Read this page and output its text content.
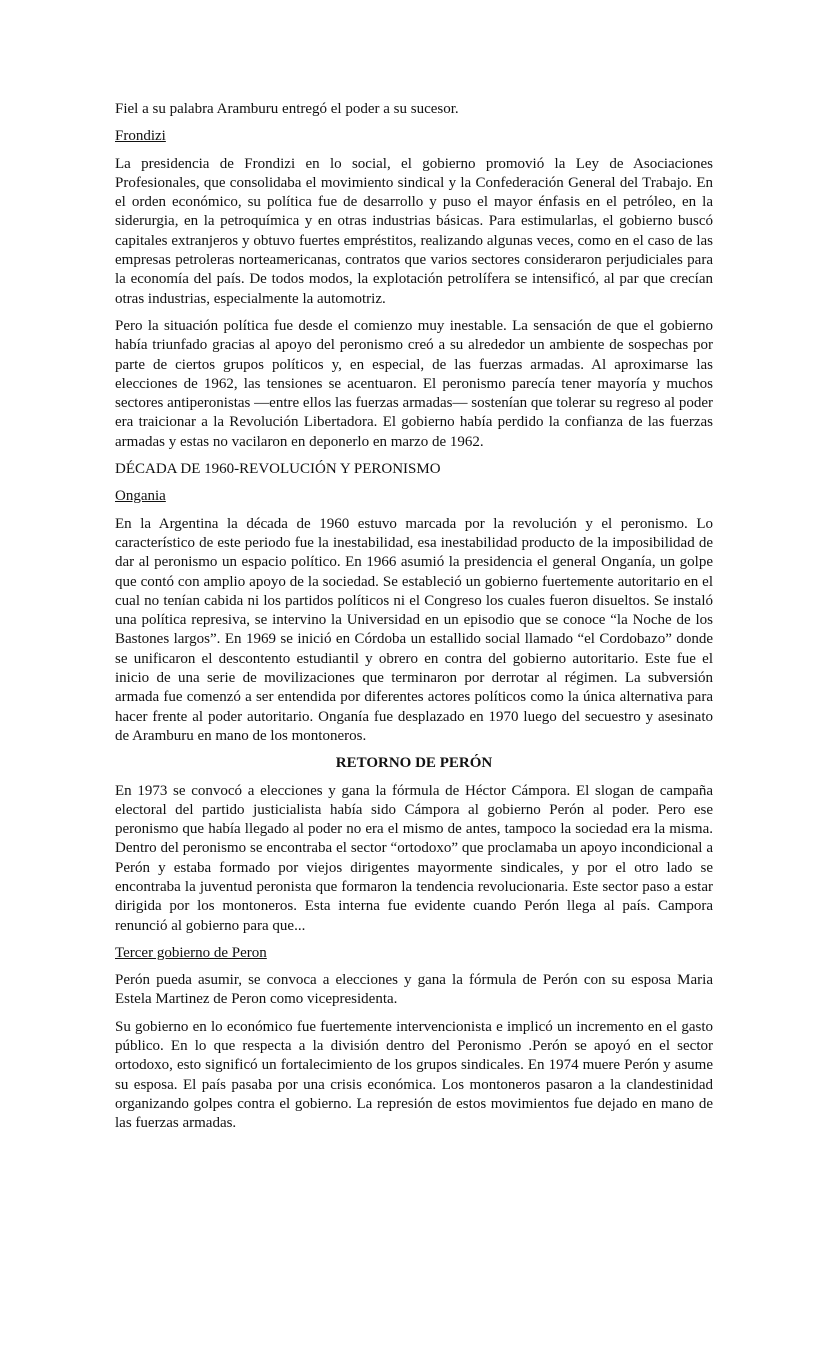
Fiel a su palabra Aramburu entregó el poder a su sucesor.

Frondizi

La presidencia de Frondizi en lo social, el gobierno promovió la Ley de Asociaciones Profesionales, que consolidaba el movimiento sindical y la Confederación General del Trabajo. En el orden económico, su política fue de desarrollo y puso el mayor énfasis en el petróleo, en la siderurgia, en la petroquímica y en otras industrias básicas. Para estimularlas, el gobierno buscó capitales extranjeros y obtuvo fuertes empréstitos, realizando algunas veces, como en el caso de las empresas petroleras norteamericanas, contratos que varios sectores consideraron perjudiciales para la economía del país. De todos modos, la explotación petrolífera se intensificó, al par que crecían otras industrias, especialmente la automotriz.

Pero la situación política fue desde el comienzo muy inestable. La sensación de que el gobierno había triunfado gracias al apoyo del peronismo creó a su alrededor un ambiente de sospechas por parte de ciertos grupos políticos y, en especial, de las fuerzas armadas. Al aproximarse las elecciones de 1962, las tensiones se acentuaron. El peronismo parecía tener mayoría y muchos sectores antiperonistas —entre ellos las fuerzas armadas— sostenían que tolerar su regreso al poder era traicionar a la Revolución Libertadora. El gobierno había perdido la confianza de las fuerzas armadas y estas no vacilaron en deponerlo en marzo de 1962.

DÉCADA DE 1960-REVOLUCIÓN Y PERONISMO

Ongania

En la Argentina la década de 1960 estuvo marcada por la revolución y el peronismo. Lo característico de este periodo fue la inestabilidad, esa inestabilidad producto de la imposibilidad de dar al peronismo un espacio político. En 1966 asumió la presidencia el general Onganía, un golpe que contó con amplio apoyo de la sociedad. Se estableció un gobierno fuertemente autoritario en el cual no tenían cabida ni los partidos políticos ni el Congreso los cuales fueron disueltos. Se instaló una política represiva, se intervino la Universidad en un episodio que se conoce “la Noche de los Bastones largos”. En 1969 se inició en Córdoba un estallido social llamado “el Cordobazo” donde se unificaron el descontento estudiantil y obrero en contra del gobierno autoritario. Este fue el inicio de una serie de movilizaciones que terminaron por derrotar al régimen. La subversión armada fue comenzó a ser entendida por diferentes actores políticos como la única alternativa para hacer frente al poder autoritario. Onganía fue desplazado en 1970 luego del secuestro y asesinato de Aramburu en mano de los montoneros.

RETORNO DE PERÓN

En 1973 se convocó a elecciones y gana la fórmula de Héctor Cámpora. El slogan de campaña electoral del partido justicialista había sido Cámpora al gobierno Perón al poder. Pero ese peronismo que había llegado al poder no era el mismo de antes, tampoco la sociedad era la misma. Dentro del peronismo se encontraba el sector “ortodoxo” que proclamaba un apoyo incondicional a Perón y estaba formado por viejos dirigentes mayormente sindicales, y por el otro lado se encontraba la juventud peronista que formaron la tendencia revolucionaria. Este sector paso a estar dirigida por los montoneros. Esta interna fue evidente cuando Perón llega al país. Campora renunció al gobierno para que...

Tercer gobierno de Peron

Perón pueda asumir, se convoca a elecciones y gana la fórmula de Perón con su esposa Maria Estela Martinez de Peron como vicepresidenta.

Su gobierno en lo económico fue fuertemente intervencionista e implicó un incremento en el gasto público. En lo que respecta a la división dentro del Peronismo .Perón se apoyó en el sector ortodoxo, esto significó un fortalecimiento de los grupos sindicales. En 1974 muere Perón y asume su esposa. El país pasaba por una crisis económica. Los montoneros pasaron a la clandestinidad organizando golpes contra el gobierno. La represión de estos movimientos fue dejado en mano de las fuerzas armadas.
